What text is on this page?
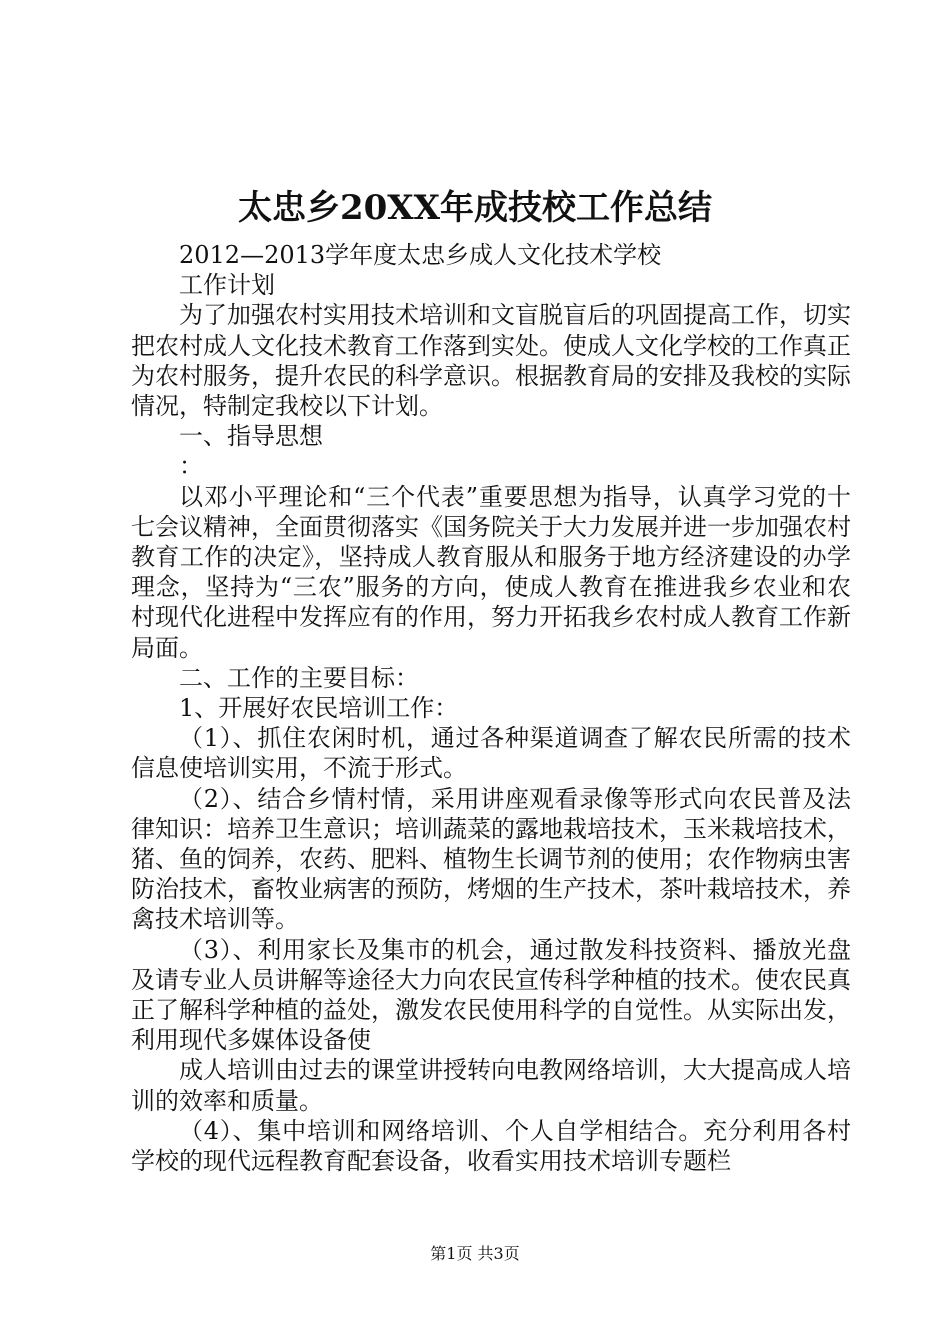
太忠乡20XX年成技校工作总结

2012—2013学年度太忠乡成人文化技术学校

工作计划

为了加强农村实用技术培训和文盲脱盲后的巩固提高工作，切实把农村成人文化技术教育工作落到实处。使成人文化学校的工作真正为农村服务，提升农民的科学意识。根据教育局的安排及我校的实际情况，特制定我校以下计划。

一、指导思想

：

以邓小平理论和“三个代表”重要思想为指导，认真学习党的十七会议精神，全面贯彻落实《国务院关于大力发展并进一步加强农村教育工作的决定》，坚持成人教育服从和服务于地方经济建设的办学理念，坚持为“三农”服务的方向，使成人教育在推进我乡农业和农村现代化进程中发挥应有的作用，努力开拓我乡农村成人教育工作新局面。

二、工作的主要目标：

1、开展好农民培训工作：

（1）、抓住农闲时机，通过各种渠道调查了解农民所需的技术信息使培训实用，不流于形式。

（2）、结合乡情村情，采用讲座观看录像等形式向农民普及法律知识：培养卫生意识；培训蔬菜的露地栽培技术，玉米栽培技术，猪、鱼的饲养，农药、肥料、植物生长调节剂的使用；农作物病虫害防治技术，畜牧业病害的预防，烤烟的生产技术，茶叶栽培技术，养禽技术培训等。

（3）、利用家长及集市的机会，通过散发科技资料、播放光盘及请专业人员讲解等途径大力向农民宣传科学种植的技术。使农民真正了解科学种植的益处，激发农民使用科学的自觉性。从实际出发，利用现代多媒体设备使

成人培训由过去的课堂讲授转向电教网络培训，大大提高成人培训的效率和质量。

（4）、集中培训和网络培训、个人自学相结合。充分利用各村学校的现代远程教育配套设备，收看实用技术培训专题栏

第1页 共3页
